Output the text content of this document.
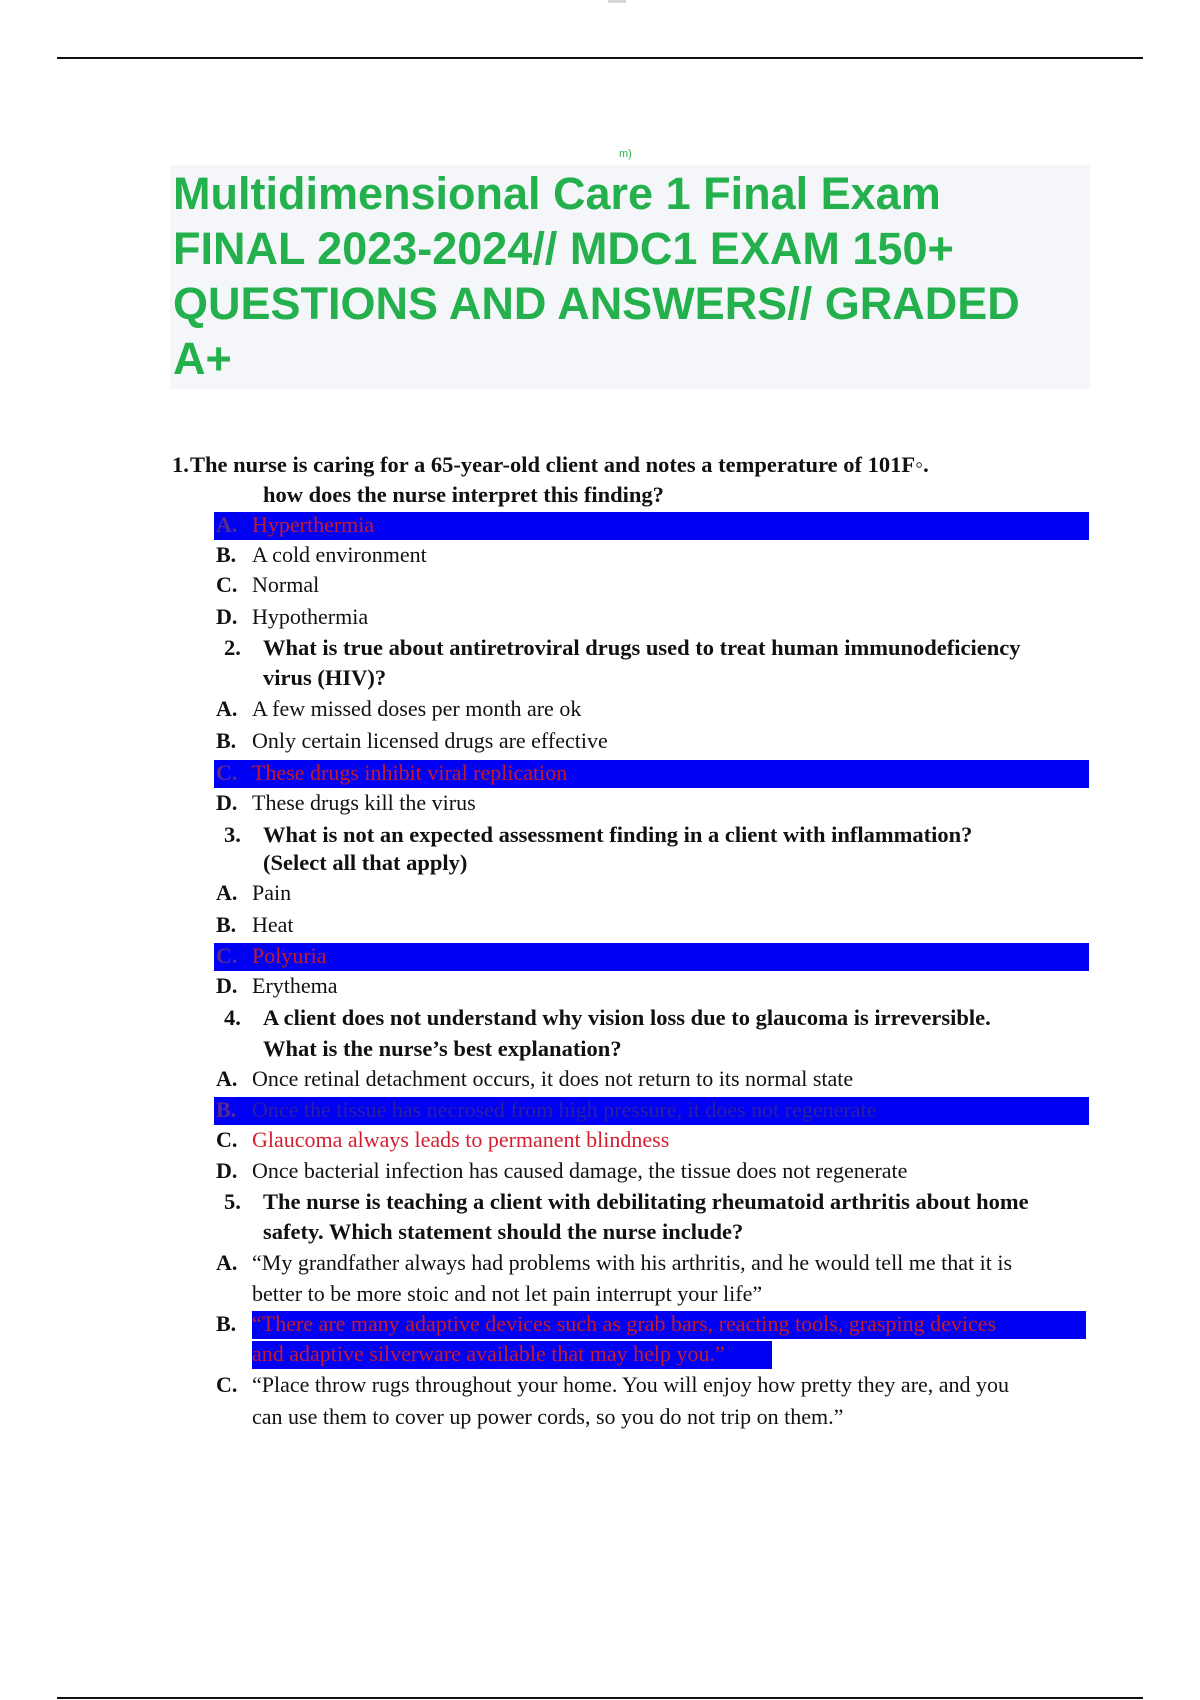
m)
Multidimensional Care 1 Final Exam
FINAL 2023-2024// MDC1 EXAM 150+
QUESTIONS AND ANSWERS// GRADED
A+
1. The nurse is caring for a 65-year-old client and notes a temperature of 101F◦.
how does the nurse interpret this finding?
A. Hyperthermia
B. A cold environment
C. Normal
D. Hypothermia
2. What is true about antiretroviral drugs used to treat human immunodeficiency
virus (HIV)?
A. A few missed doses per month are ok
B. Only certain licensed drugs are effective
C. These drugs inhibit viral replication
D. These drugs kill the virus
3. What is not an expected assessment finding in a client with inflammation?
(Select all that apply)
A. Pain
B. Heat
C. Polyuria
D. Erythema
4. A client does not understand why vision loss due to glaucoma is irreversible.
What is the nurse’s best explanation?
A. Once retinal detachment occurs, it does not return to its normal state
B. Once the tissue has necrosed from high pressure, it does not regenerate
C. Glaucoma always leads to permanent blindness
D. Once bacterial infection has caused damage, the tissue does not regenerate
5. The nurse is teaching a client with debilitating rheumatoid arthritis about home
safety. Which statement should the nurse include?
A. “My grandfather always had problems with his arthritis, and he would tell me that it is
better to be more stoic and not let pain interrupt your life”
B. “There are many adaptive devices such as grab bars, reacting tools, grasping devices
and adaptive silverware available that may help you.”
C. “Place throw rugs throughout your home. You will enjoy how pretty they are, and you
can use them to cover up power cords, so you do not trip on them.”
